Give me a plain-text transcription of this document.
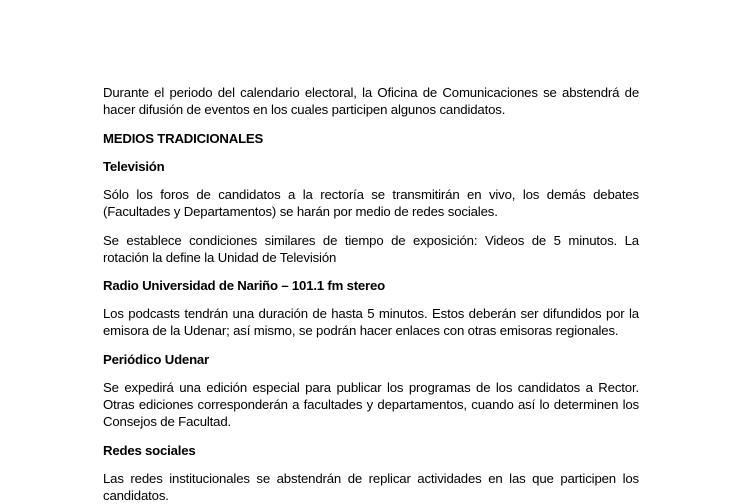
Durante el periodo del calendario electoral, la Oficina de Comunicaciones se abstendrá de hacer difusión de eventos en los cuales participen algunos candidatos.

MEDIOS TRADICIONALES

Televisión

Sólo los foros de candidatos a la rectoría se transmitirán en vivo, los demás debates (Facultades y Departamentos) se harán por medio de redes sociales.

Se establece condiciones similares de tiempo de exposición: Videos de 5 minutos. La rotación la define la Unidad de Televisión

Radio Universidad de Nariño – 101.1 fm stereo

Los podcasts tendrán una duración de hasta 5 minutos. Estos deberán ser difundidos por la emisora de la Udenar; así mismo, se podrán hacer enlaces con otras emisoras regionales.

Periódico Udenar

Se expedirá una edición especial para publicar los programas de los candidatos a Rector. Otras ediciones corresponderán a facultades y departamentos, cuando así lo determinen los Consejos de Facultad.

Redes sociales

Las redes institucionales se abstendrán de replicar actividades en las que participen los candidatos.
